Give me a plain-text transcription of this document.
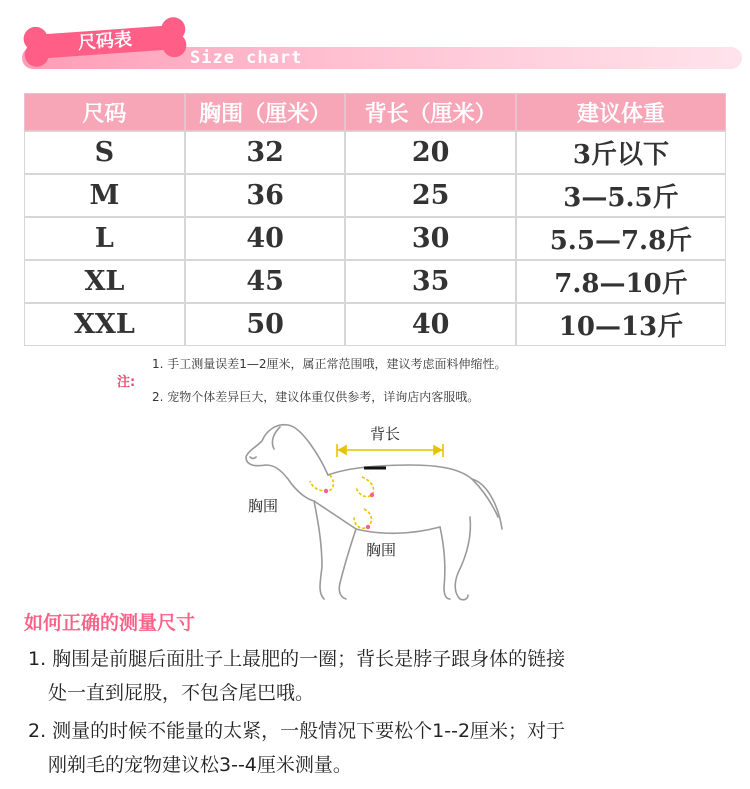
Size chart
尺码表
尺码	胸围（厘米）	背长（厘米）	建议体重
S	32	20	3斤以下
M	36	25	3—5.5斤
L	40	30	5.5—7.8斤
XL	45	35	7.8—10斤
XXL	50	40	10—13斤
注:
1. 手工测量误差1—2厘米，属正常范围哦，建议考虑面料伸缩性。
2. 宠物个体差异巨大，建议体重仅供参考，详询店内客服哦。
背长
胸围
胸围
如何正确的测量尺寸
1. 胸围是前腿后面肚子上最肥的一圈；背长是脖子跟身体的链接
处一直到屁股，不包含尾巴哦。
2. 测量的时候不能量的太紧，一般情况下要松个1--2厘米；对于
刚剃毛的宠物建议松3--4厘米测量。
